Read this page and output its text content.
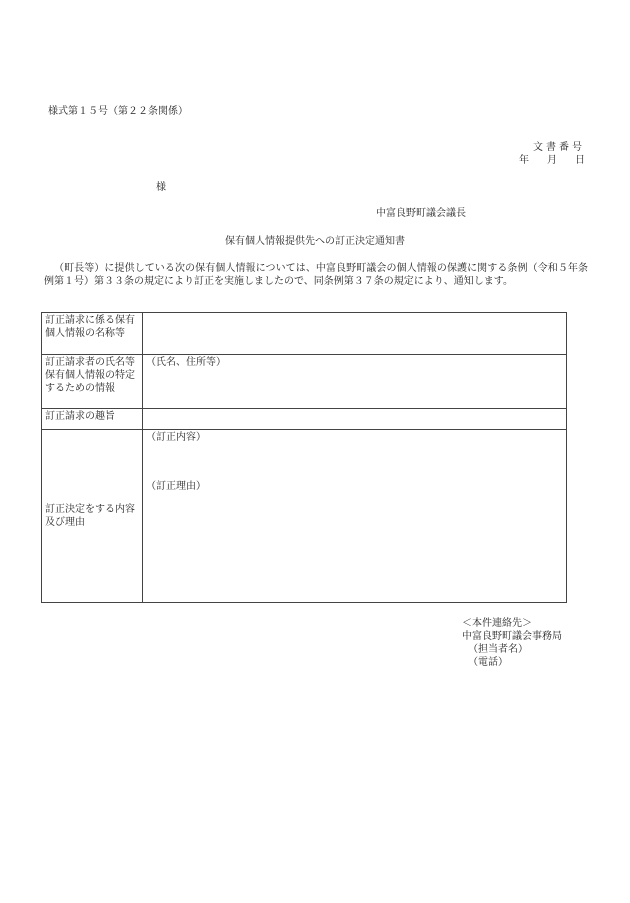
様式第１５号（第２２条関係）
文書番号
年 月 日
様
中富良野町議会議長
保有個人情報提供先への訂正決定通知書
（町長等）に提供している次の保有個人情報については、中富良野町議会の個人情報の保護に関する条例（令和５年条例第１号）第３３条の規定により訂正を実施しましたので、同条例第３７条の規定により、通知します。
訂正請求に係る保有個人情報の名称等	
訂正請求者の氏名等保有個人情報の特定するための情報	（氏名、住所等）
訂正請求の趣旨	
訂正決定をする内容及び理由	（訂正内容）
（訂正理由）
＜本件連絡先＞
中富良野町議会事務局
（担当者名）
（電話）
